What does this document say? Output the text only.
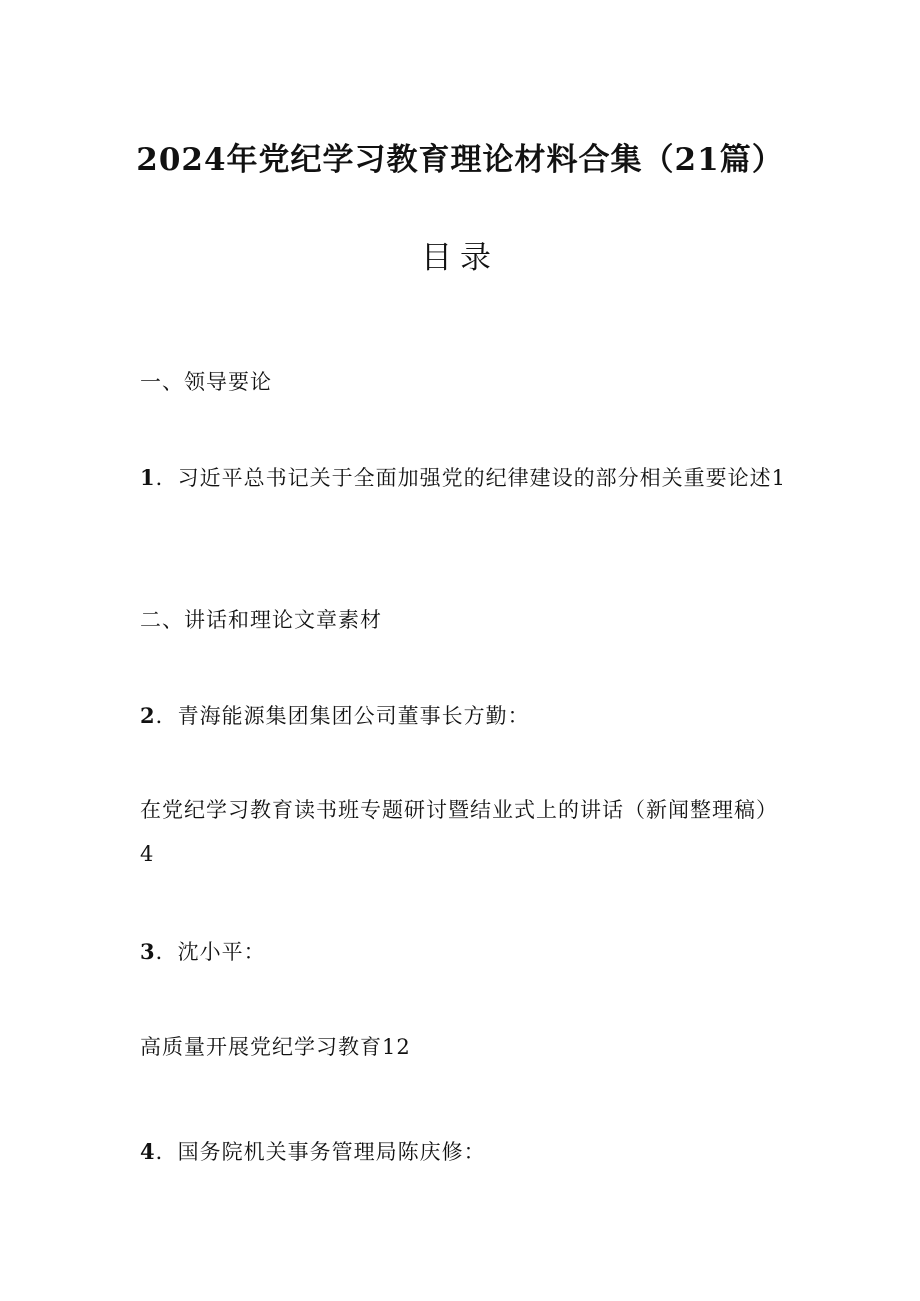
2024年党纪学习教育理论材料合集（21篇）
目录
一、领导要论
1．习近平总书记关于全面加强党的纪律建设的部分相关重要论述1
二、讲话和理论文章素材
2．青海能源集团集团公司董事长方勤：
在党纪学习教育读书班专题研讨暨结业式上的讲话（新闻整理稿）4
3．沈小平：
高质量开展党纪学习教育12
4．国务院机关事务管理局陈庆修：
